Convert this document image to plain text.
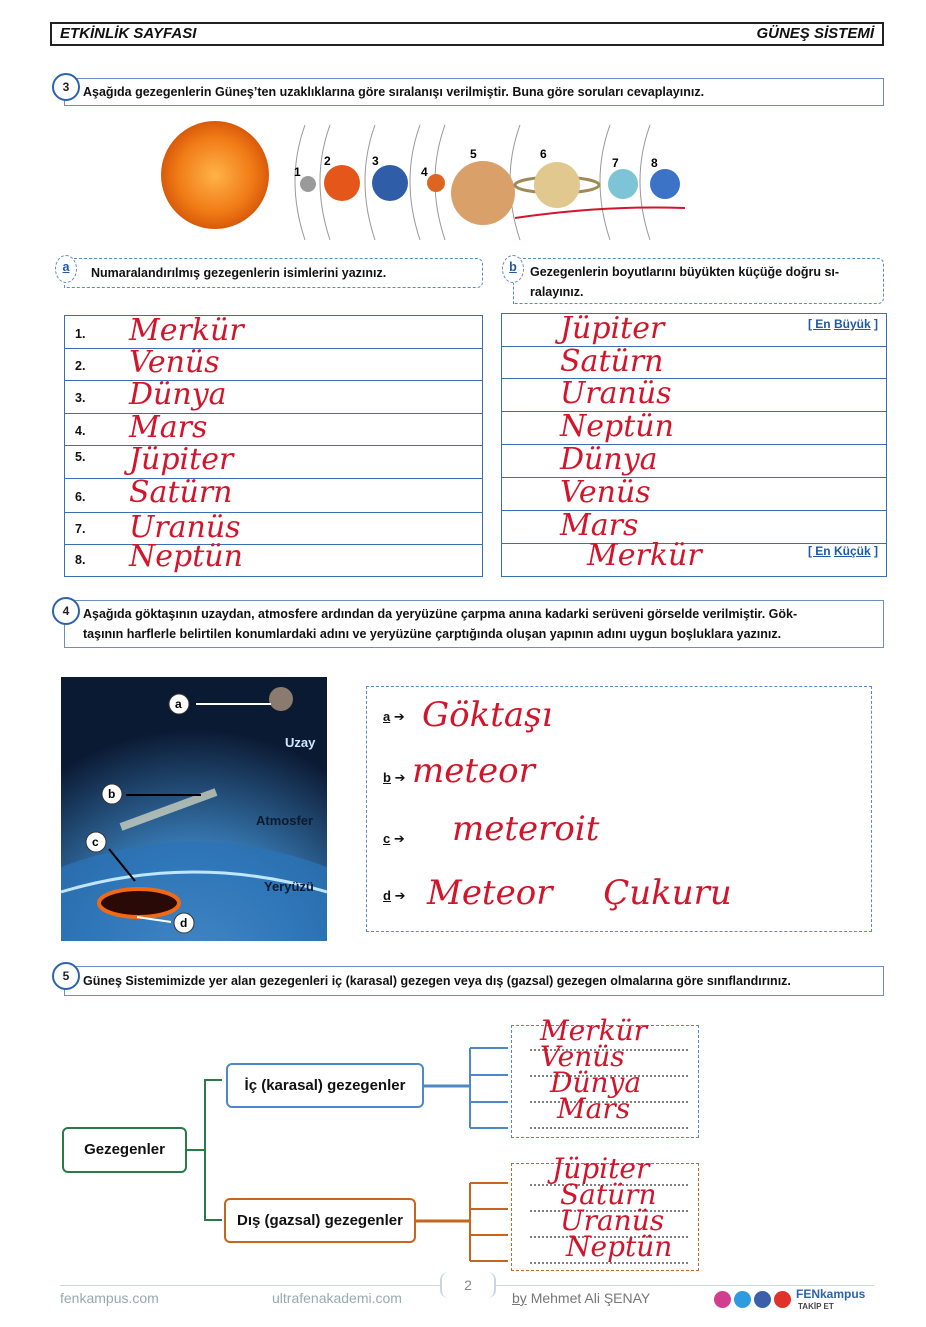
ETKİNLİK SAYFASI	GÜNEŞ SİSTEMİ
Aşağıda gezegenlerin Güneş’ten uzaklıklarına göre sıralanışı verilmiştir. Buna göre soruları cevaplayınız.
3
1
2	3
4
5	6
7	8
Numaralandırılmış gezegenlerin isimlerini yazınız.
a
1. Merkür
2. Venüs
3. Dünya
4. Mars
5. Jüpiter
6. Satürn
7. Uranüs
8. Neptün
Gezegenlerin boyutlarını büyükten küçüğe doğru sı-
ralayınız.
b
Jüpiter
Satürn
Uranüs
Neptün
Dünya
Venüs
Mars
Merkür
[ En Büyük ]
[ En Küçük ]
Aşağıda göktaşının uzaydan, atmosfere ardından da yeryüzüne çarpma anına kadarki serüveni görselde verilmiştir. Gök-
taşının harflerle belirtilen konumlardaki adını ve yeryüzüne çarptığında oluşan yapının adını uygun boşluklara yazınız.
4
a
b
c
d
Uzay
Atmosfer
Yeryüzü
a ➔ Göktaşı
b ➔ meteor
c ➔ meteroit
d ➔ Meteor Çukuru
Güneş Sistemimizde yer alan gezegenleri iç (karasal) gezegen veya dış (gazsal) gezegen olmalarına göre sınıflandırınız.
5
Gezegenler
İç (karasal) gezegenler
Dış (gazsal) gezegenler
Merkür
Venüs
Dünya
Mars
Jüpiter
Satürn
Uranüs
Neptün
fenkampus.com	ultrafenakademi.com
2
by Mehmet Ali ŞENAY	FENkampus
TAKİP ET
